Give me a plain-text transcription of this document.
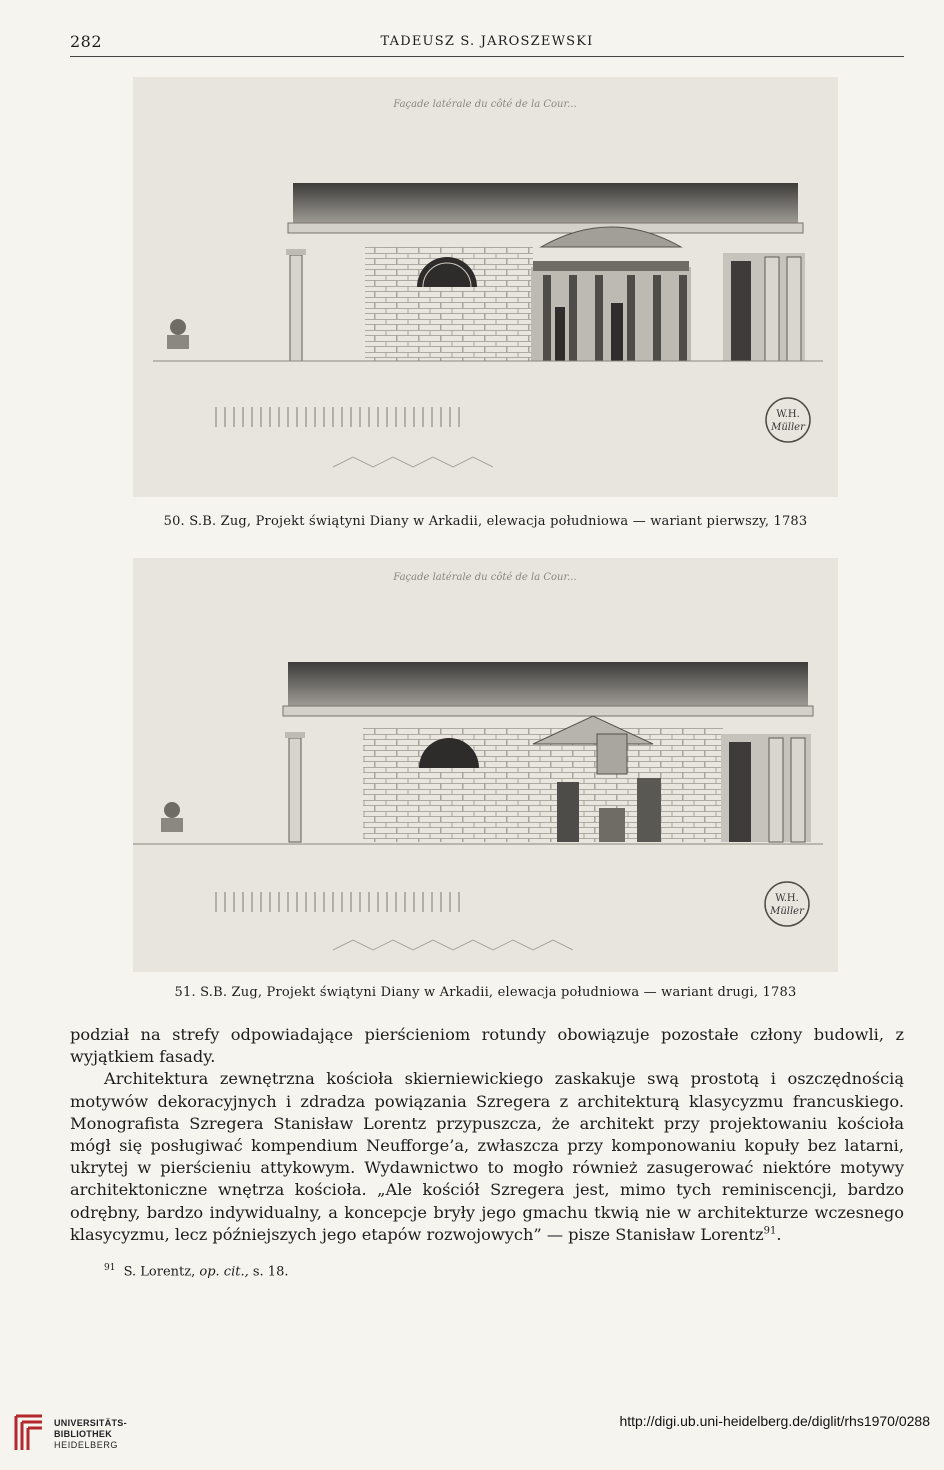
TADEUSZ S. JAROSZEWSKI
282
Façade latérale du côté de la Cour...
W.H.
Müller
50. S.B. Zug, Projekt świątyni Diany w Arkadii, elewacja południowa — wariant pierwszy, 1783
Façade latérale du côté de la Cour...
W.H.
Müller
51. S.B. Zug, Projekt świątyni Diany w Arkadii, elewacja południowa — wariant drugi, 1783

podział na strefy odpowiadające pierścieniom rotundy obowiązuje pozostałe człony budowli, z wyjątkiem fasady.

Architektura zewnętrzna kościoła skierniewickiego zaskakuje swą prostotą i oszczędnością motywów dekoracyjnych i zdradza powiązania Szregera z architekturą klasycyzmu francuskiego. Monografista Szregera Stanisław Lorentz przypuszcza, że architekt przy projektowaniu kościoła mógł się posługiwać kompendium Neufforge’a, zwłaszcza przy komponowaniu kopuły bez latarni, ukrytej w pierścieniu attykowym. Wydawnictwo to mogło również zasugerować niektóre motywy architektoniczne wnętrza kościoła. „Ale kościół Szregera jest, mimo tych reminiscencji, bardzo odrębny, bardzo indywidualny, a koncepcje bryły jego gmachu tkwią nie w architekturze wczesnego klasycyzmu, lecz późniejszych jego etapów rozwojowych” — pisze Stanisław Lorentz$^{91}$.

$^{91}$ S. Lorentz, op. cit., s. 18.
UNIVERSITÄTS-
BIBLIOTHEK
HEIDELBERG
http://digi.ub.uni-heidelberg.de/diglit/rhs1970/0288
